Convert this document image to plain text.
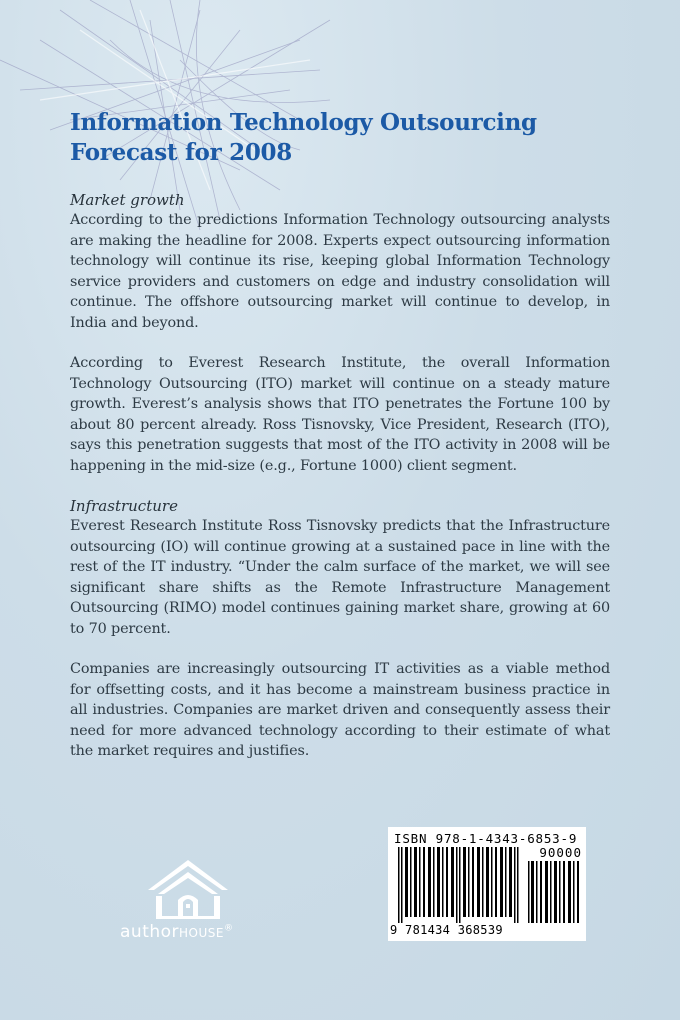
Information Technology Outsourcing Forecast for 2008
Market growth

According to the predictions Information Technology outsourcing analysts are making the headline for 2008. Experts expect outsourcing information technology will continue its rise, keeping global Information Technology service providers and customers on edge and industry consolidation will continue. The offshore outsourcing market will continue to develop, in India and beyond.

According to Everest Research Institute, the overall Information Technology Outsourcing (ITO) market will continue on a steady mature growth. Everest’s analysis shows that ITO penetrates the Fortune 100 by about 80 percent already. Ross Tisnovsky, Vice President, Research (ITO), says this penetration suggests that most of the ITO activity in 2008 will be happening in the mid-size (e.g., Fortune 1000) client segment.

Infrastructure

Everest Research Institute Ross Tisnovsky predicts that the Infrastructure outsourcing (IO) will continue growing at a sustained pace in line with the rest of the IT industry. “Under the calm surface of the market, we will see significant share shifts as the Remote Infrastructure Management Outsourcing (RIMO) model continues gaining market share, growing at 60 to 70 percent.

Companies are increasingly outsourcing IT activities as a viable method for offsetting costs, and it has become a mainstream business practice in all industries. Companies are market driven and consequently assess their need for more advanced technology according to their estimate of what the market requires and justifies.

authorHOUSE®
ISBN 978-1-4343-6853-9
90000
9 781434 368539
